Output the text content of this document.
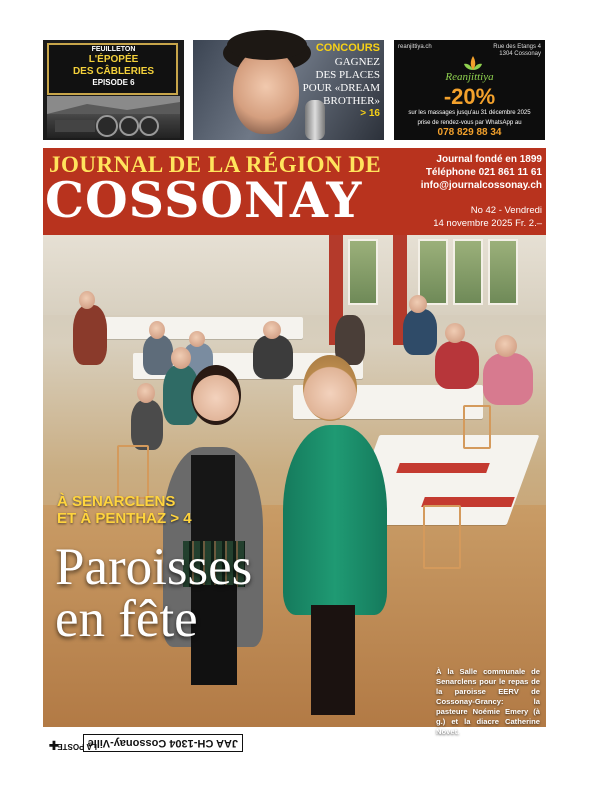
FEUILLETON
L'ÉPOPÉE
DES CÂBLERIES
EPISODE 6
CONCOURS
GAGNEZ
DES PLACES
POUR «DREAM
BROTHER»
> 16
reanjittiya.ch	Rue des Etangs 4
1304 Cossonay
Reanjittiya
-20%
sur les massages jusqu'au 31 décembre 2025
prise de rendez-vous par WhatsApp au
078 829 88 34
JOURNAL DE LA RÉGION DE
COSSONAY
Journal fondé en 1899
Téléphone 021 861 11 61
info@journalcossonay.ch
No 42 - Vendredi
14 novembre 2025 Fr. 2.–
À SENARCLENS
ET À PENTHAZ > 4
Paroisses
en fête
À la Salle communale de Senarclens pour le repas de la paroisse EERV de Cossonay-Grancy: la pasteure Noémie Emery (à g.) et la diacre Catherine Novet.
JAA CH-1304 Cossonay-Ville
LA POSTE
✚
